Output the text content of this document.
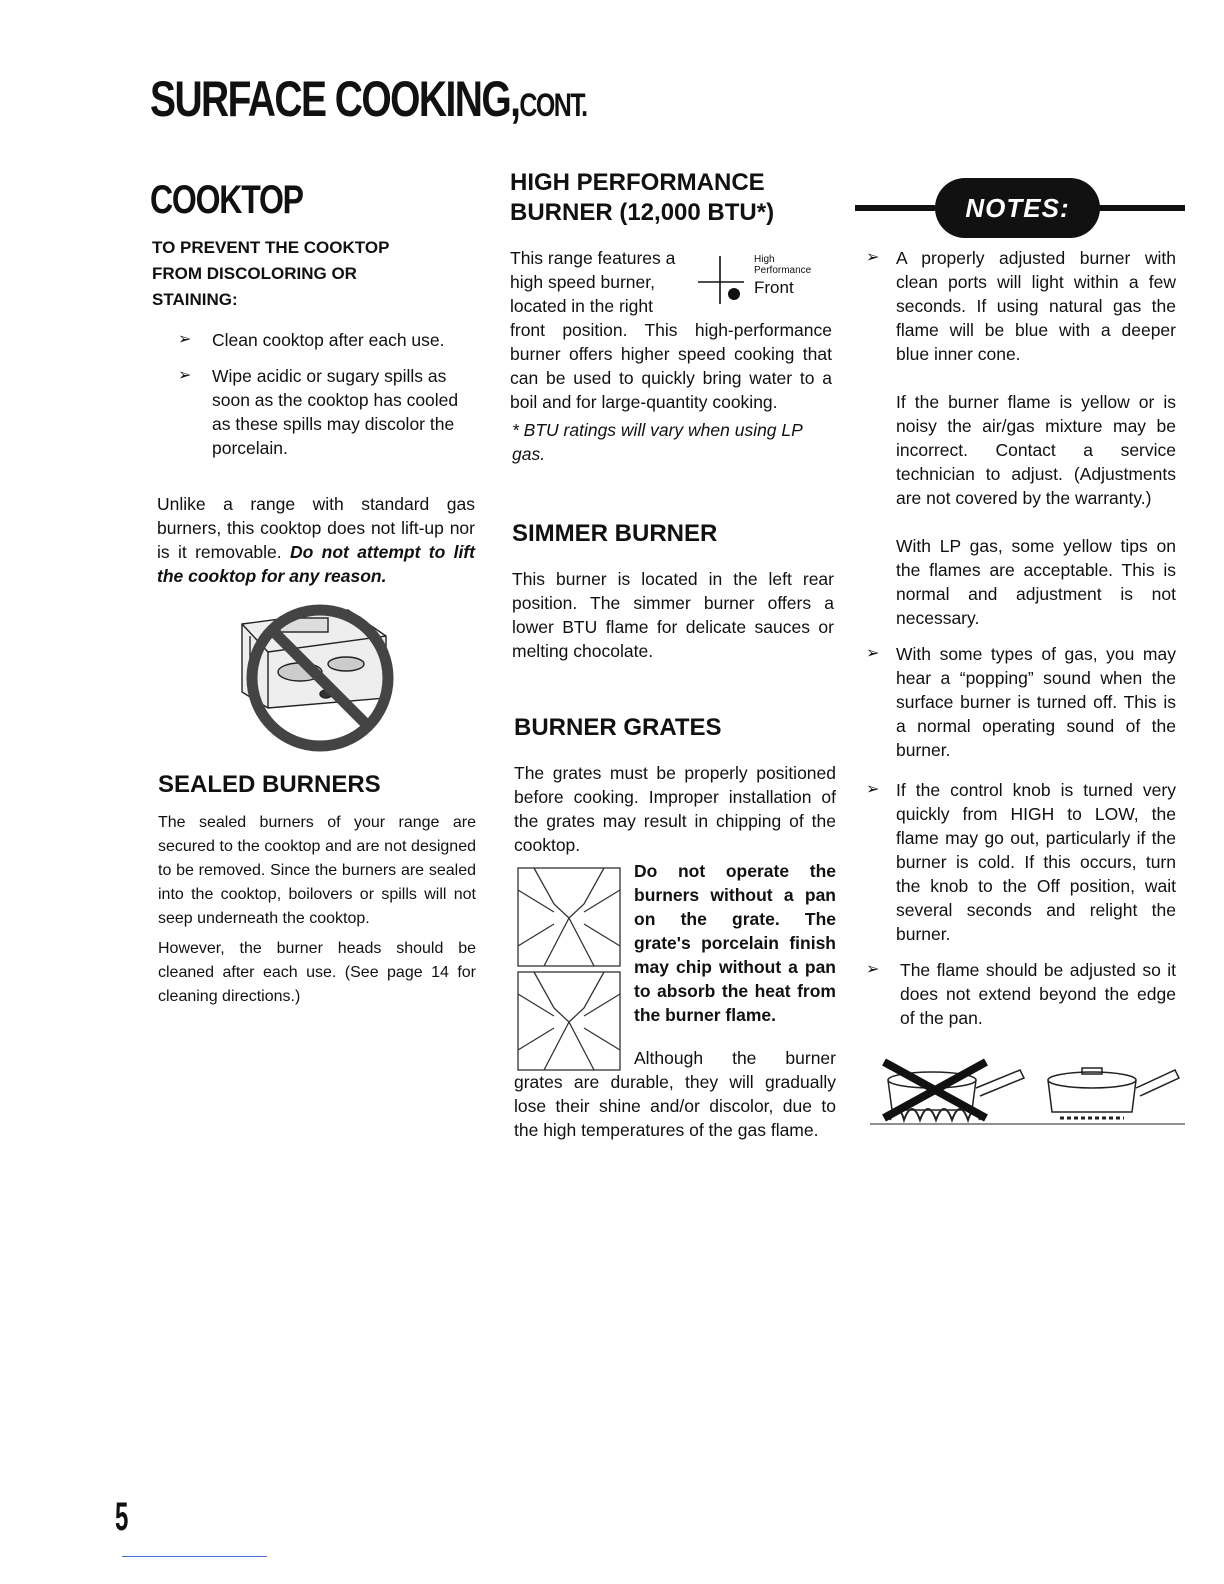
SURFACE COOKING,CONT.
COOKTOP
TO PREVENT THE COOKTOP FROM DISCOLORING OR STAINING:
➢ Clean cooktop after each use.
➢ Wipe acidic or sugary spills as soon as the cooktop has cooled as these spills may discolor the porcelain.
Unlike a range with standard gas burners, this cooktop does not lift-up nor is it removable. Do not attempt to lift the cooktop for any reason.
SEALED BURNERS
The sealed burners of your range are secured to the cooktop and are not designed to be removed. Since the burners are sealed into the cooktop, boilovers or spills will not seep underneath the cooktop.
However, the burner heads should be cleaned after each use. (See page 14 for cleaning directions.)
HIGH PERFORMANCE
BURNER (12,000 BTU*)
This range features a high speed burner, located in the right
High
Performance
Front
front position. This high-performance burner offers higher speed cooking that can be used to quickly bring water to a boil and for large-quantity cooking.
* BTU ratings will vary when using LP gas.
SIMMER BURNER
This burner is located in the left rear position. The simmer burner offers a lower BTU flame for delicate sauces or melting chocolate.
BURNER GRATES
The grates must be properly positioned before cooking. Improper installation of the grates may result in chipping of the cooktop.
Do not operate the burners without a pan on the grate. The grate's porcelain finish may chip without a pan to absorb the heat from the burner flame.
Although the burner grates are durable, they will gradually lose their shine and/or discolor, due to the high temperatures of the gas flame.
NOTES:
➢ A properly adjusted burner with clean ports will light within a few seconds. If using natural gas the flame will be blue with a deeper blue inner cone.
If the burner flame is yellow or is noisy the air/gas mixture may be incorrect. Contact a service technician to adjust. (Adjustments are not covered by the warranty.)
With LP gas, some yellow tips on the flames are acceptable. This is normal and adjustment is not necessary.
➢ With some types of gas, you may hear a “popping” sound when the surface burner is turned off. This is a normal operating sound of the burner.
➢ If the control knob is turned very quickly from HIGH to LOW, the flame may go out, particularly if the burner is cold. If this occurs, turn the knob to the Off position, wait several seconds and relight the burner.
➢ The flame should be adjusted so it does not extend beyond the edge of the pan.
5
